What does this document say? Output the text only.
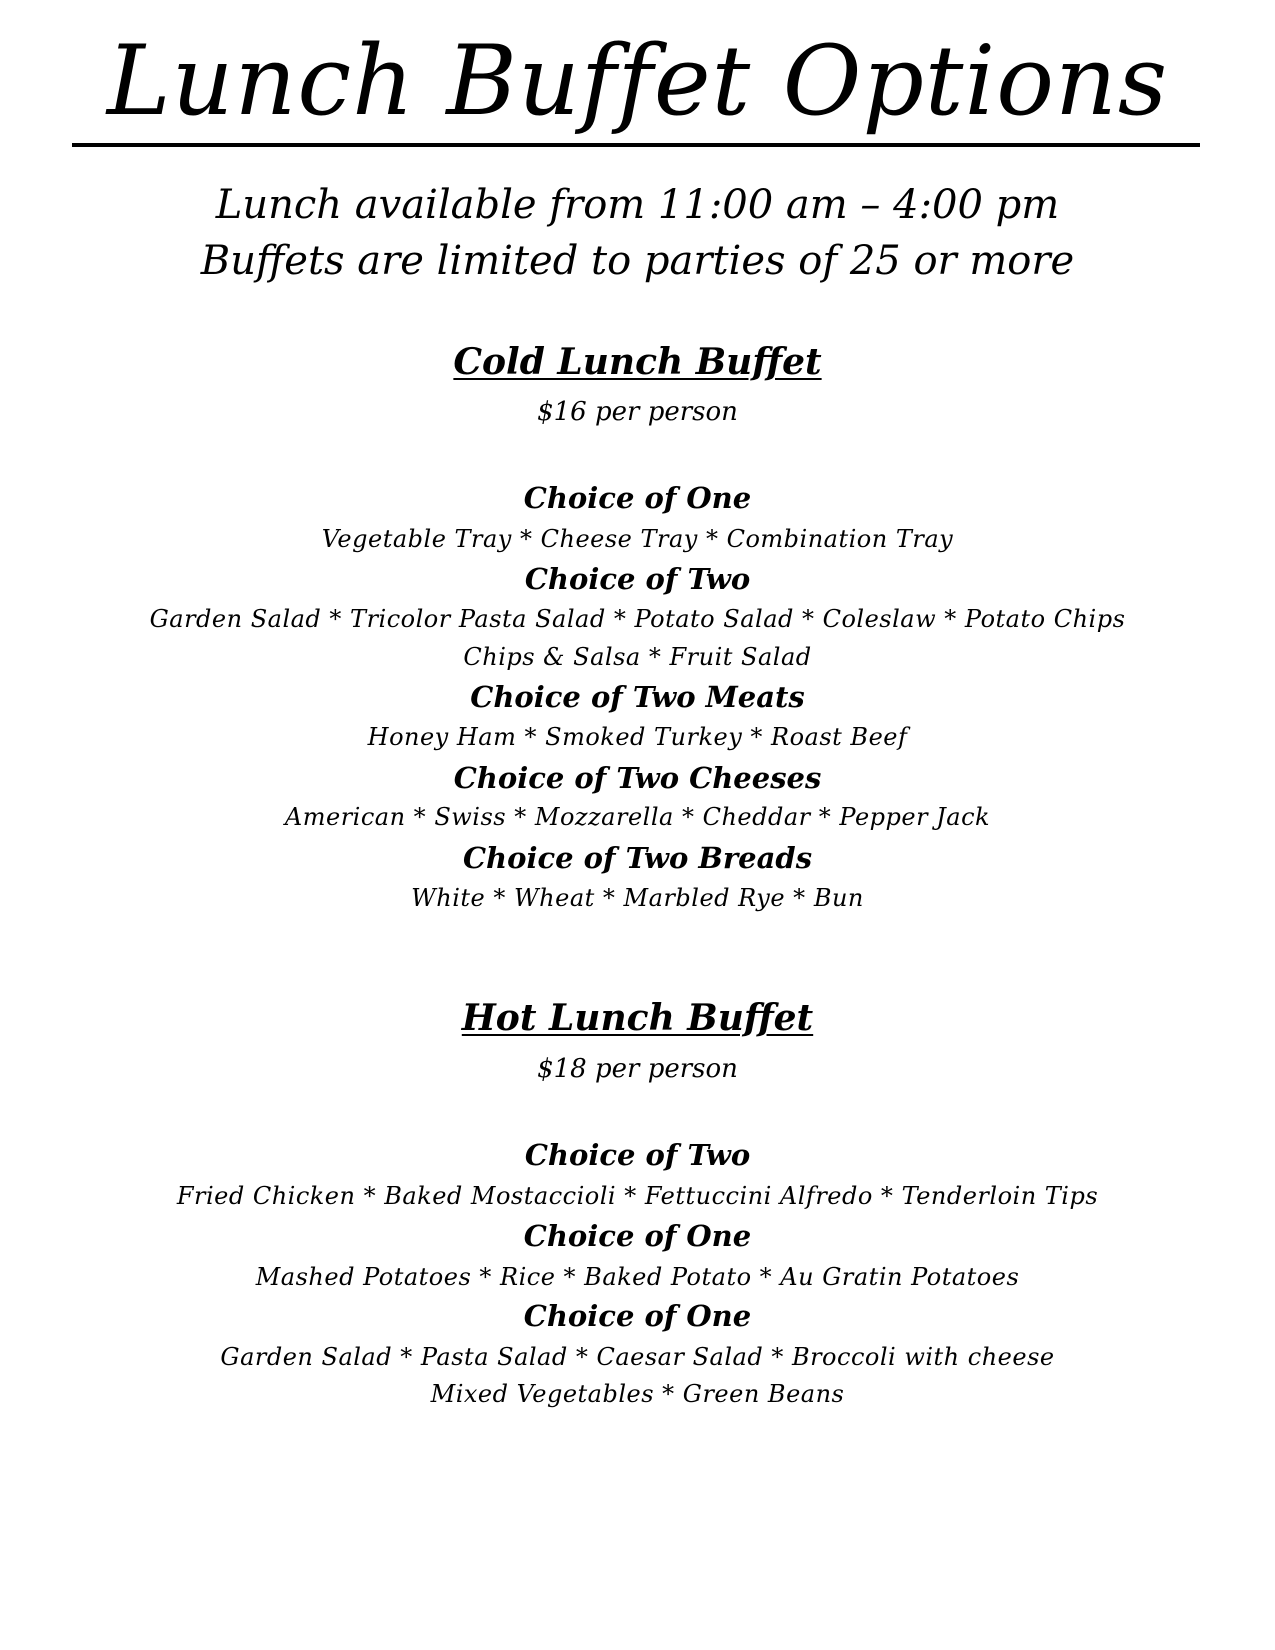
Lunch Buffet Options
Lunch available from 11:00 am – 4:00 pm
Buffets are limited to parties of 25 or more
Cold Lunch Buffet
$16 per person
Choice of One
Vegetable Tray * Cheese Tray * Combination Tray
Choice of Two
Garden Salad * Tricolor Pasta Salad * Potato Salad * Coleslaw * Potato Chips
Chips & Salsa * Fruit Salad
Choice of Two Meats
Honey Ham * Smoked Turkey * Roast Beef
Choice of Two Cheeses
American * Swiss * Mozzarella * Cheddar * Pepper Jack
Choice of Two Breads
White * Wheat * Marbled Rye * Bun
Hot Lunch Buffet
$18 per person
Choice of Two
Fried Chicken * Baked Mostaccioli * Fettuccini Alfredo * Tenderloin Tips
Choice of One
Mashed Potatoes * Rice * Baked Potato * Au Gratin Potatoes
Choice of One
Garden Salad * Pasta Salad * Caesar Salad * Broccoli with cheese
Mixed Vegetables * Green Beans
